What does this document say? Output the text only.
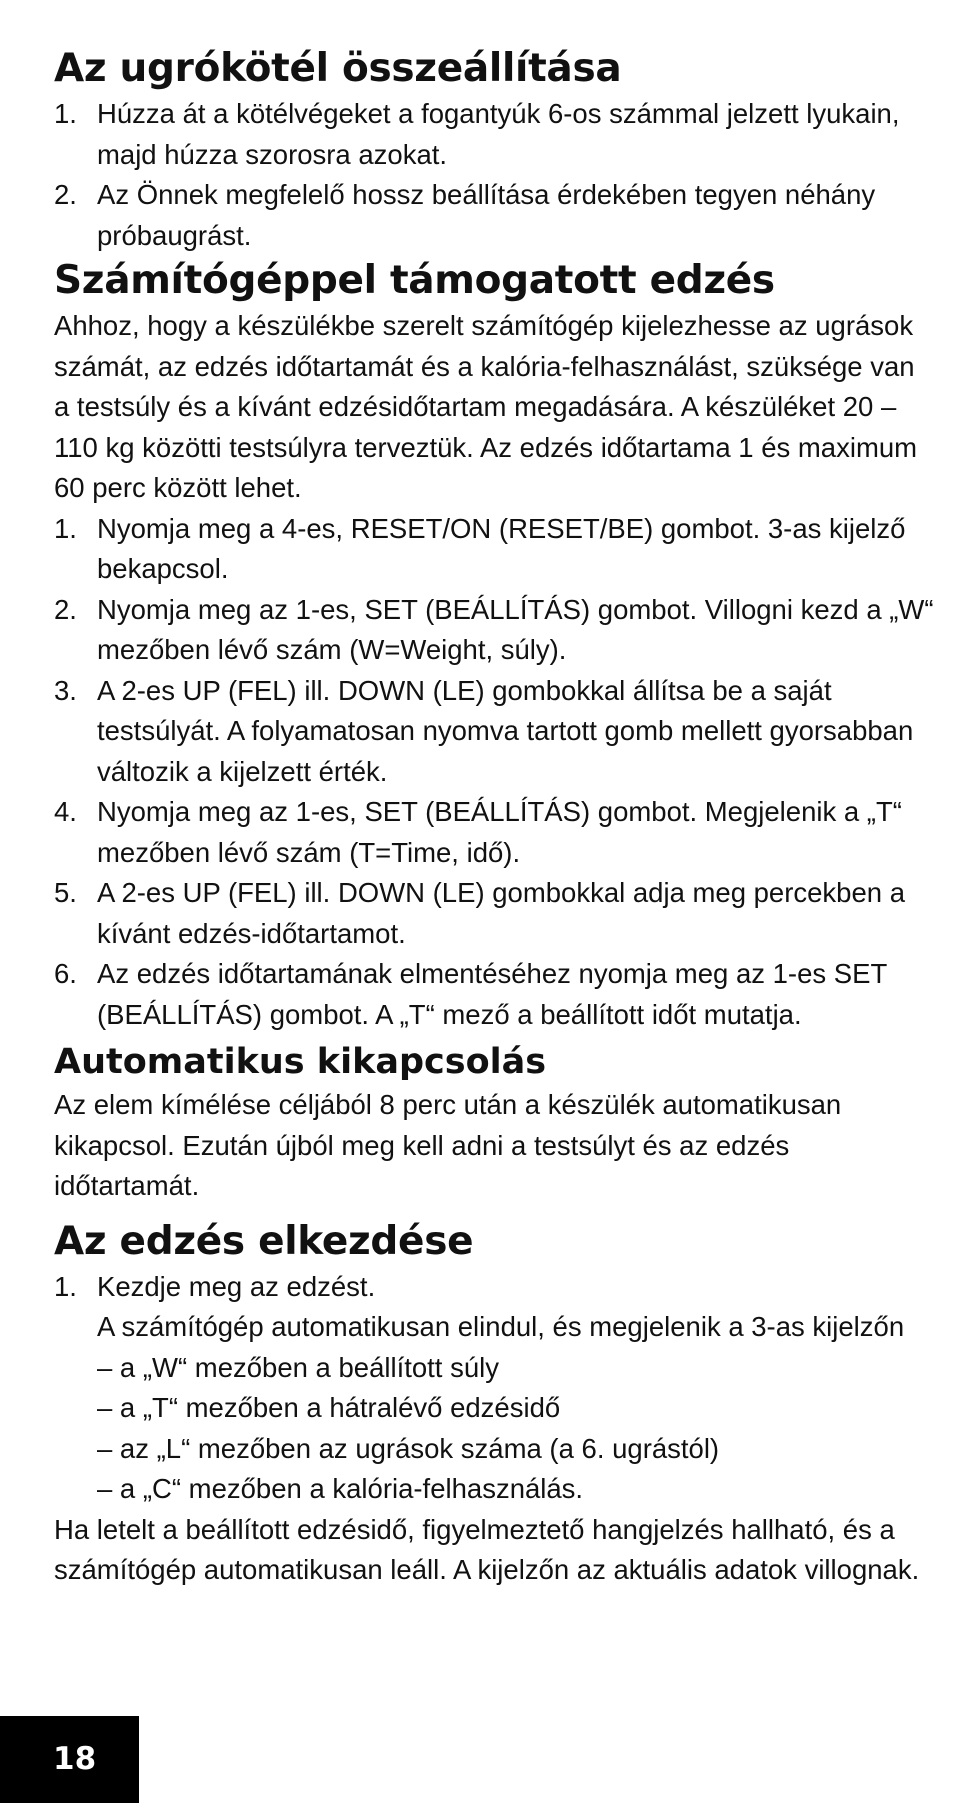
Az ugrókötél összeállítása
1. Húzza át a kötélvégeket a fogantyúk 6-os számmal jelzett lyukain, majd húzza szorosra azokat.
2. Az Önnek megfelelő hossz beállítása érdekében tegyen néhány próbaugrást.
Számítógéppel támogatott edzés

Ahhoz, hogy a készülékbe szerelt számítógép kijelezhesse az ugrások számát, az edzés időtartamát és a kalória-felhasználást, szüksége van a testsúly és a kívánt edzésidőtartam megadására. A készüléket 20 – 110 kg közötti testsúlyra terveztük. Az edzés időtartama 1 és maximum 60 perc között lehet.

1. Nyomja meg a 4-es, RESET/ON (RESET/BE) gombot. 3-as kijelző bekapcsol.
2. Nyomja meg az 1-es, SET (BEÁLLÍTÁS) gombot. Villogni kezd a „W“ mezőben lévő szám (W=Weight, súly).
3. A 2-es UP (FEL) ill. DOWN (LE) gombokkal állítsa be a saját testsúlyát. A folyamatosan nyomva tartott gomb mellett gyorsabban változik a kijelzett érték.
4. Nyomja meg az 1-es, SET (BEÁLLÍTÁS) gombot. Megjelenik a „T“ mezőben lévő szám (T=Time, idő).
5. A 2-es UP (FEL) ill. DOWN (LE) gombokkal adja meg percekben a kívánt edzés-időtartamot.
6. Az edzés időtartamának elmentéséhez nyomja meg az 1-es SET (BEÁLLÍTÁS) gombot. A „T“ mező a beállított időt mutatja.
Automatikus kikapcsolás

Az elem kímélése céljából 8 perc után a készülék automatikusan kikapcsol. Ezután újból meg kell adni a testsúlyt és az edzés időtartamát.

Az edzés elkezdése
1. Kezdje meg az edzést.
A számítógép automatikusan elindul, és megjelenik a 3-as kijelzőn
– a „W“ mezőben a beállított súly
– a „T“ mezőben a hátralévő edzésidő
– az „L“ mezőben az ugrások száma (a 6. ugrástól)
– a „C“ mezőben a kalória-felhasználás.

Ha letelt a beállított edzésidő, figyelmeztető hangjelzés hallható, és a számítógép automatikusan leáll. A kijelzőn az aktuális adatok villognak.

18
